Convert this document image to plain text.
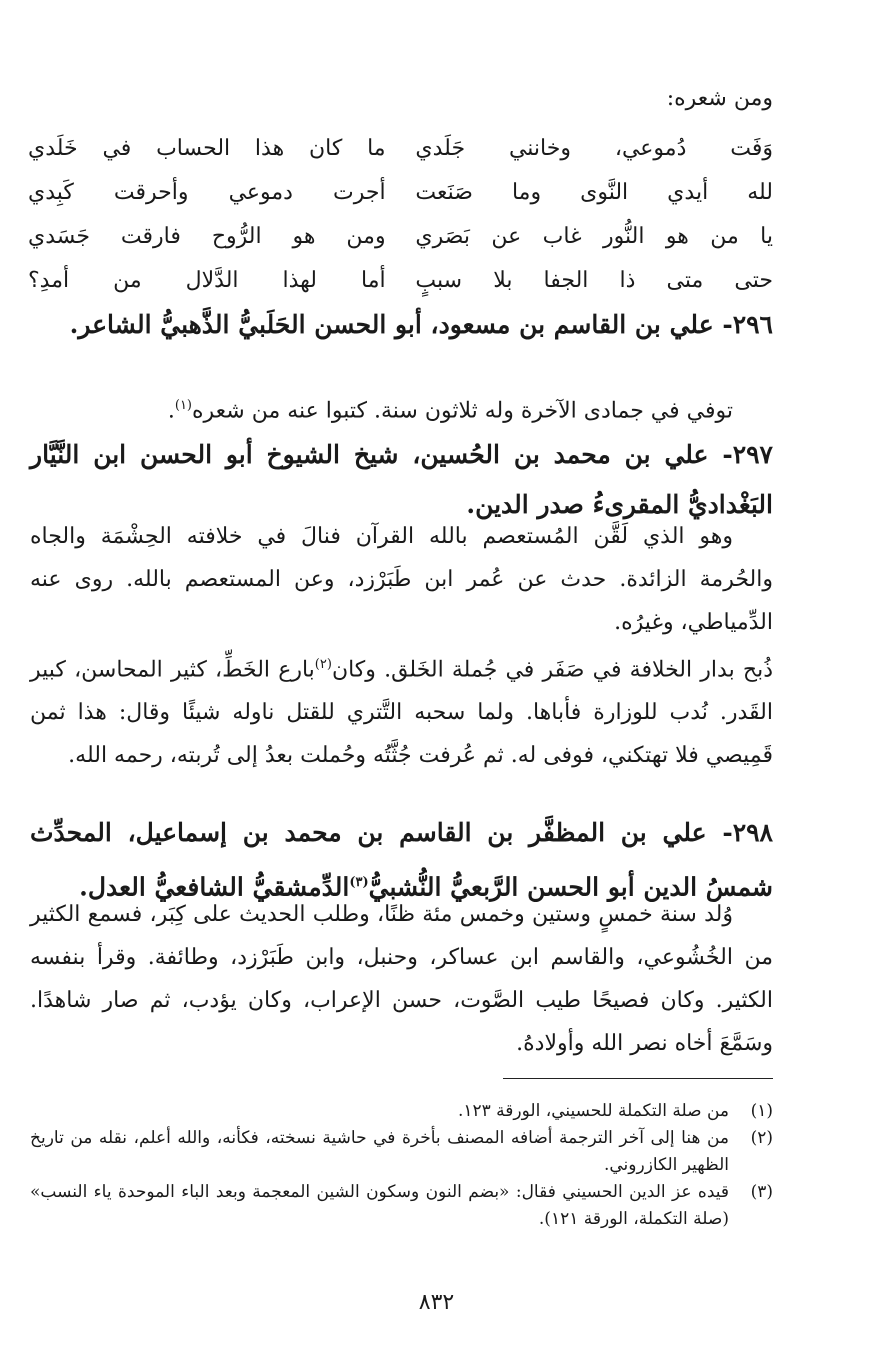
ومن شعره:
وَفَت دُموعي، وخانني جَلَدي
ما كان هذا الحساب في خَلَدي
لله أيدي النَّوى وما صَنَعت
أجرت دموعي وأحرقت كَبِدي
يا من هو النُّور غاب عن بَصَري
ومن هو الرُّوح فارقت جَسَدي
حتى متى ذا الجفا بلا سببٍ
أما لهذا الدَّلال من أمدِ؟
٢٩٦- علي بن القاسم بن مسعود، أبو الحسن الحَلَبيُّ الذَّهبيُّ الشاعر.
توفي في جمادى الآخرة وله ثلاثون سنة. كتبوا عنه من شعره$^{(١)}$.
٢٩٧- علي بن محمد بن الحُسين، شيخ الشيوخ أبو الحسن ابن النَّيَّار البَغْداديُّ المقرىءُ صدر الدين.
وهو الذي لَقَّن المُستعصم بالله القرآن فنالَ في خلافته الحِشْمَة والجاه والحُرمة الزائدة. حدث عن عُمر ابن طَبَرْزد، وعن المستعصم بالله. روى عنه الدِّمياطي، وغيرُه.
ذُبح بدار الخلافة في صَفَر في جُملة الخَلق. وكان$^{(٢)}$بارع الخَطِّ، كثير المحاسن، كبير القَدر. نُدب للوزارة فأباها. ولما سحبه التَّتري للقتل ناوله شيئًا وقال: هذا ثمن قَمِيصي فلا تهتكني، فوفى له. ثم عُرفت جُثَّتُه وحُملت بعدُ إلى تُربته، رحمه الله.
٢٩٨- علي بن المظفَّر بن القاسم بن محمد بن إسماعيل، المحدِّث شمسُ الدين أبو الحسن الرَّبعيُّ النُّشبيُّ$^{(٣)}$الدِّمشقيُّ الشافعيُّ العدل.
وُلد سنة خمسٍ وستين وخمس مئة ظنًا، وطلب الحديث على كِبَر، فسمع الكثير من الخُشُوعي، والقاسم ابن عساكر، وحنبل، وابن طَبَرْزد، وطائفة. وقرأ بنفسه الكثير. وكان فصيحًا طيب الصَّوت، حسن الإعراب، وكان يؤدب، ثم صار شاهدًا. وسَمَّعَ أخاه نصر الله وأولادهُ.
(١)
من صلة التكملة للحسيني، الورقة ١٢٣.
(٢)
من هنا إلى آخر الترجمة أضافه المصنف بأخرة في حاشية نسخته، فكأنه، والله أعلم، نقله من تاريخ الظهير الكازروني.
(٣)
قيده عز الدين الحسيني فقال: «بضم النون وسكون الشين المعجمة وبعد الباء الموحدة ياء النسب» (صلة التكملة، الورقة ١٢١).
٨٣٢
